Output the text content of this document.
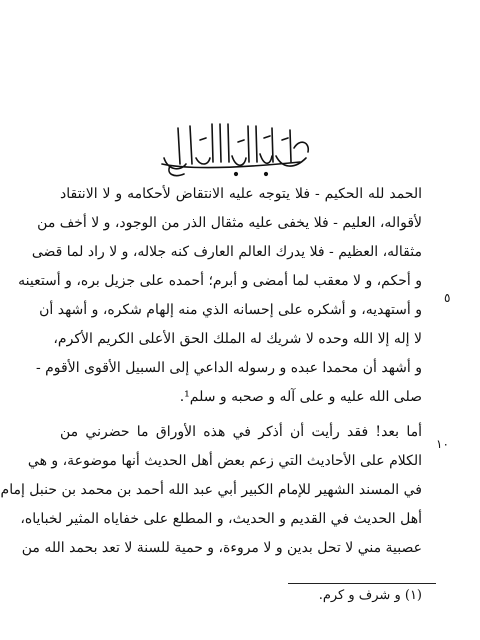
الحمد لله الحكيم - فلا يتوجه عليه الانتقاض لأحكامه و لا الانتقاد
لأقواله، العليم - فلا يخفى عليه مثقال الذر من الوجود، و لا أخف من
مثقاله، العظيم - فلا يدرك العالم العارف كنه جلاله، و لا راد لما قضى
و أحكم، و لا معقب لما أمضى و أبرم؛ أحمده على جزيل بره، و أستعينه
و أستهديه، و أشكره على إحسانه الذي منه إلهام شكره، و أشهد أن
لا إله إلا الله وحده لا شريك له الملك الحق الأعلى الكريم الأكرم،
و أشهد أن محمدا عبده و رسوله الداعي إلى السبيل الأقوى الأقوم -
صلى الله عليه و على آله و صحبه و سلم¹.
أما بعد! فقد رأيت أن أذكر في هذه الأوراق ما حضرني من
الكلام على الأحاديث التي زعم بعض أهل الحديث أنها موضوعة، و هي
في المسند الشهير للإمام الكبير أبي عبد الله أحمد بن محمد بن حنبل إمام
أهل الحديث في القديم و الحديث، و المطلع على خفاياه المثير لخباياه،
عصبية مني لا تحل بدين و لا مروءة، و حمية للسنة لا تعد بحمد الله من
٥
١٠
(١) و شرف و كرم.
